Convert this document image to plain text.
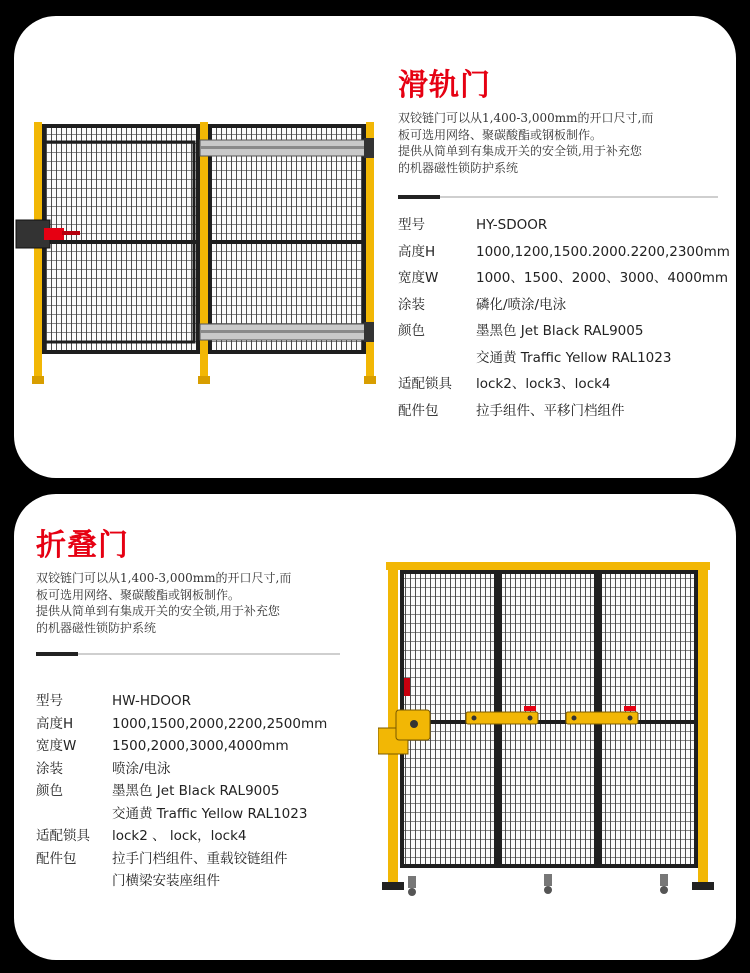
滑轨门
双铰链门可以从1,400-3,000mm的开口尺寸,而
板可选用网络、聚碳酸酯或钢板制作。
提供从简单到有集成开关的安全锁,用于补充您
的机器磁性锁防护系统
型号	HY-SDOOR
高度H	1000,1200,1500.2000.2200,2300mm
宽度W	1000、1500、2000、3000、4000mm
涂装	磷化/喷涂/电泳
颜色	墨黑色 Jet Black RAL9005
交通黄 Traffic Yellow RAL1023
适配锁具	lock2、lock3、lock4
配件包	拉手组件、平移门档组件
折叠门
双铰链门可以从1,400-3,000mm的开口尺寸,而
板可选用网络、聚碳酸酯或钢板制作。
提供从简单到有集成开关的安全锁,用于补充您
的机器磁性锁防护系统
型号	HW-HDOOR
高度H	1000,1500,2000,2200,2500mm
宽度W	1500,2000,3000,4000mm
涂装	喷涂/电泳
颜色	墨黑色 Jet Black RAL9005
交通黄 Traffic Yellow RAL1023
适配锁具	lock2 、 lock，lock4
配件包	拉手门档组件、重载铰链组件
门横梁安装座组件
